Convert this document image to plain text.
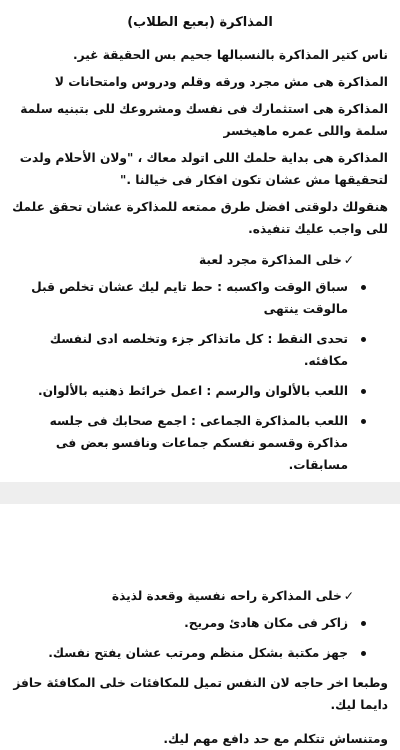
المذاكرة (بعبع الطلاب)

ناس كتير المذاكرة بالنسبالها جحيم بس الحقيقة غير.

المذاكرة هى مش مجرد ورقه وقلم ودروس وامتحانات لا

المذاكرة هى استثمارك فى نفسك ومشروعك للى بتبنيه سلمة سلمة واللى عمره ماهيخسر

المذاكرة هى بداية حلمك اللى اتولد معاك ، "ولان الأحلام ولدت لتحقيقها مش عشان تكون افكار فى خيالنا ."

هنقولك دلوقتى افضل طرق ممتعه للمذاكرة عشان تحقق علمك للى واجب عليك تنفيذه.

✓خلى المذاكرة مجرد لعبة
سباق الوقت واكسبه : حط تايم ليك عشان تخلص قبل مالوقت ينتهى
تحدى النقط : كل ماتذاكر جزء وتخلصه ادى لنفسك مكافئه.
اللعب بالألوان والرسم : اعمل خرائط ذهنيه بالألوان.
اللعب بالمذاكرة الجماعى : اجمع صحابك فى جلسه مذاكرة وقسمو نفسكم جماعات ونافسو بعض فى مسابقات.
✓خلى المذاكرة راحه نفسية وقعدة لذيذة
زاكر فى مكان هادئ ومريح.
جهز مكتبة بشكل منظم ومرتب عشان يفتح نفسك.

وطبعا اخر حاجه لان النفس تميل للمكافئات خلى المكافئة حافز دايما ليك.

ومتنساش تتكلم مع حد دافع مهم ليك.
